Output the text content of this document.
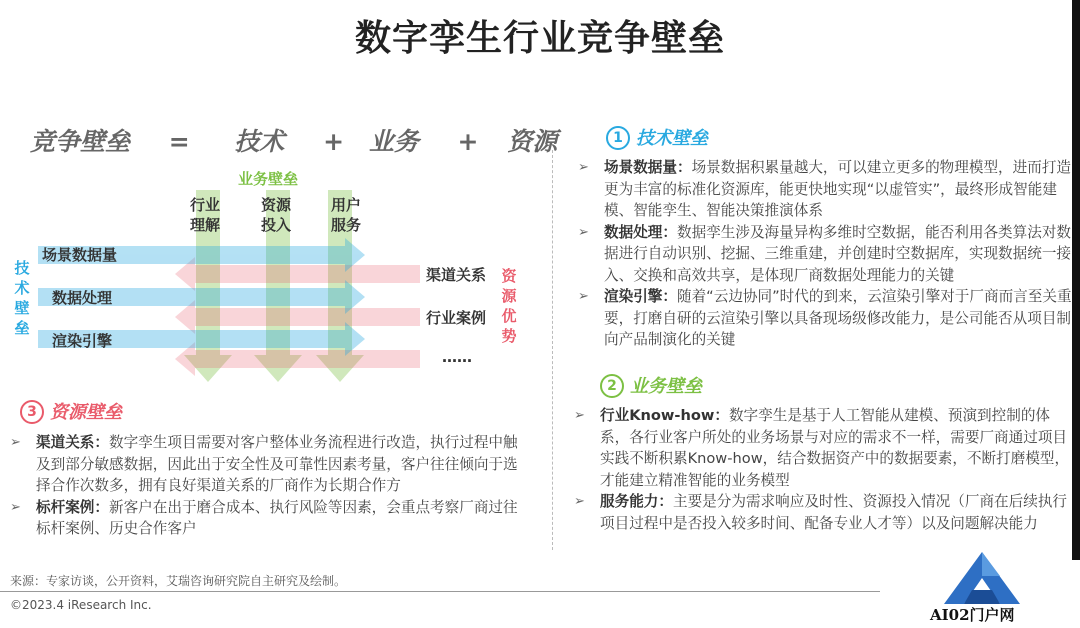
数字孪生行业竞争壁垒
竞争壁垒 = 技术 + 业务 + 资源
业务壁垒
行业理解
资源投入
用户服务
技术壁垒
场景数据量
数据处理
渲染引擎
资源优势
渠道关系
行业案例
……
3 资源壁垒
➢ 渠道关系：数字孪生项目需要对客户整体业务流程进行改造，执行过程中触及到部分敏感数据，因此出于安全性及可靠性因素考量，客户往往倾向于选择合作次数多，拥有良好渠道关系的厂商作为长期合作方
➢ 标杆案例：新客户在出于磨合成本、执行风险等因素，会重点考察厂商过往标杆案例、历史合作客户
1 技术壁垒
➢ 场景数据量：场景数据积累量越大，可以建立更多的物理模型，进而打造更为丰富的标准化资源库，能更快地实现“以虚管实”，最终形成智能建模、智能孪生、智能决策推演体系
➢ 数据处理：数据孪生涉及海量异构多维时空数据，能否利用各类算法对数据进行自动识别、挖掘、三维重建，并创建时空数据库，实现数据统一接入、交换和高效共享，是体现厂商数据处理能力的关键
➢ 渲染引擎：随着“云边协同”时代的到来，云渲染引擎对于厂商而言至关重要，打磨自研的云渲染引擎以具备现场级修改能力，是公司能否从项目制向产品制演化的关键
2 业务壁垒
➢ 行业Know-how：数字孪生是基于人工智能从建模、预演到控制的体系，各行业客户所处的业务场景与对应的需求不一样，需要厂商通过项目实践不断积累Know-how，结合数据资产中的数据要素，不断打磨模型，才能建立精准智能的业务模型
➢ 服务能力：主要是分为需求响应及时性、资源投入情况（厂商在后续执行项目过程中是否投入较多时间、配备专业人才等）以及问题解决能力
来源：专家访谈，公开资料，艾瑞咨询研究院自主研究及绘制。
©2023.4 iResearch Inc.
AI02门户网
